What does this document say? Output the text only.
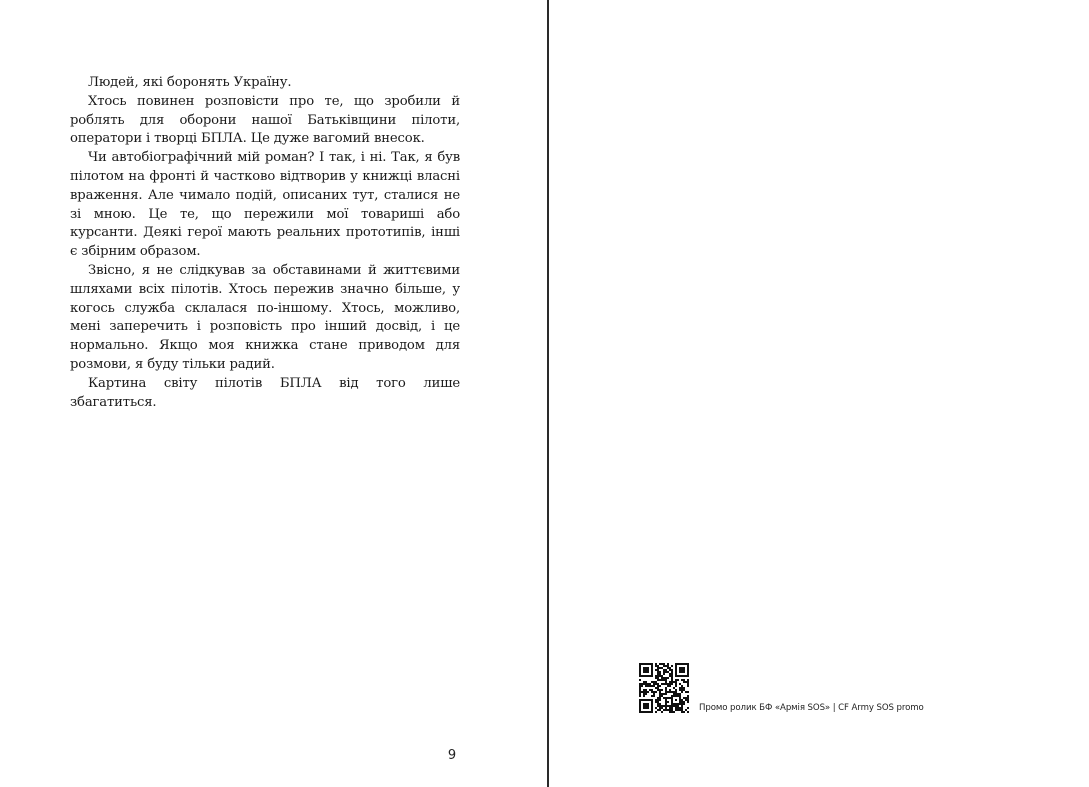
Людей, які боронять Україну.

Хтось повинен розповісти про те, що зробили й роблять для оборони нашої Батьківщини пілоти, оператори і творці БПЛА. Це дуже вагомий внесок.

Чи автобіографічний мій роман? І так, і ні. Так, я був пілотом на фронті й частково відтворив у книжці власні враження. Але чимало подій, описаних тут, сталися не зі мною. Це те, що пережили мої товариші або курсанти. Деякі герої мають реальних прототипів, інші є збірним образом.

Звісно, я не слідкував за обставинами й життєвими шляхами всіх пілотів. Хтось пережив значно більше, у когось служба склалася по-іншому. Хтось, можливо, мені заперечить і розповість про інший досвід, і це нормально. Якщо моя книжка стане приводом для розмови, я буду тільки радий.

Картина світу пілотів БПЛА від того лише збагатиться.

9
Промо ролик БФ «Армія SOS» | CF Army SOS promo
